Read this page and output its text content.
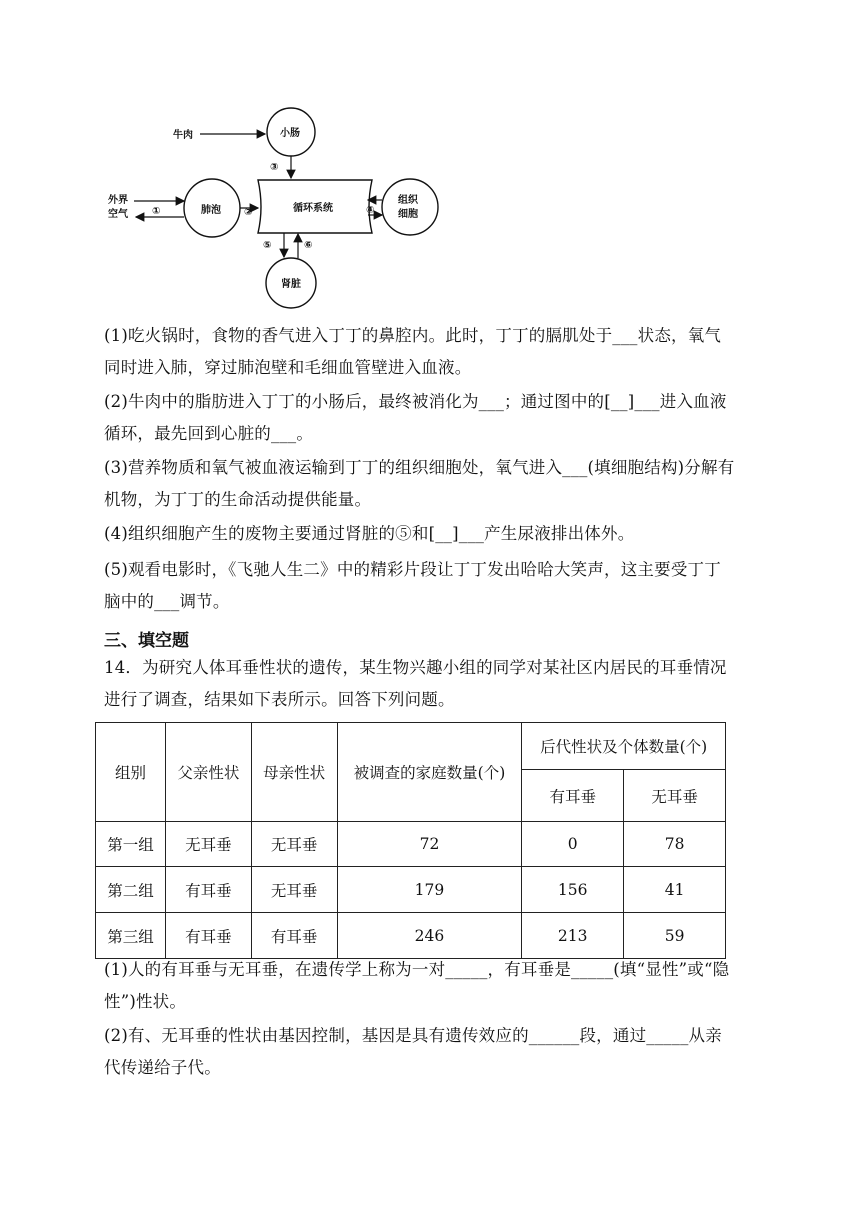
小肠
牛肉
③
循环系统
肺泡 ②
外界
空气 ①
组织
细胞
④
肾脏
⑤	⑥
(1)吃火锅时，食物的香气进入丁丁的鼻腔内。此时，丁丁的膈肌处于___状态，氧气
同时进入肺，穿过肺泡壁和毛细血管壁进入血液。
(2)牛肉中的脂肪进入丁丁的小肠后，最终被消化为___；通过图中的[__]___进入血液
循环，最先回到心脏的___。
(3)营养物质和氧气被血液运输到丁丁的组织细胞处，氧气进入___(填细胞结构)分解有
机物，为丁丁的生命活动提供能量。
(4)组织细胞产生的废物主要通过肾脏的⑤和[__]___产生尿液排出体外。
(5)观看电影时，《飞驰人生二》中的精彩片段让丁丁发出哈哈大笑声，这主要受丁丁
脑中的___调节。
三、填空题
14．为研究人体耳垂性状的遗传，某生物兴趣小组的同学对某社区内居民的耳垂情况
进行了调查，结果如下表所示。回答下列问题。
组别	父亲性状	母亲性状	被调查的家庭数量(个)	后代性状及个体数量(个)	
				有耳垂	无耳垂
第一组	无耳垂	无耳垂	72	0	78
第二组	有耳垂	无耳垂	179	156	41
第三组	有耳垂	有耳垂	246	213	59
(1)人的有耳垂与无耳垂，在遗传学上称为一对_____，有耳垂是_____(填“显性”或“隐
性”)性状。
(2)有、无耳垂的性状由基因控制，基因是具有遗传效应的______段，通过_____从亲
代传递给子代。
